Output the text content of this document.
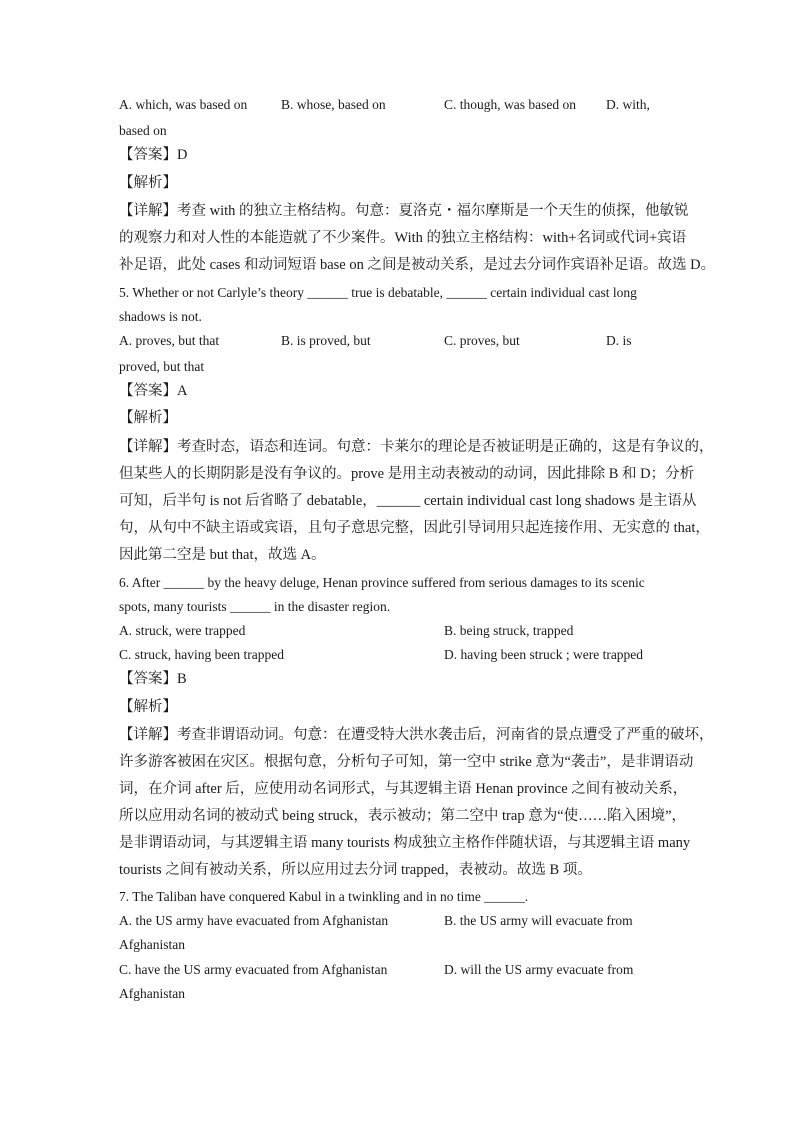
A. which, was based on	B. whose, based on	C. though, was based on D. with,
based on
【答案】D
【解析】
【详解】考查 with 的独立主格结构。句意：夏洛克・福尔摩斯是一个天生的侦探，他敏锐
的观察力和对人性的本能造就了不少案件。With 的独立主格结构：with+名词或代词+宾语
补足语，此处 cases 和动词短语 base on 之间是被动关系，是过去分词作宾语补足语。故选 D。
5. Whether or not Carlyle’s theory ______ true is debatable, ______ certain individual cast long
shadows is not.
A. proves, but that	B. is proved, but	C. proves, but	D. is
proved, but that
【答案】A
【解析】
【详解】考查时态，语态和连词。句意：卡莱尔的理论是否被证明是正确的，这是有争议的，
但某些人的长期阴影是没有争议的。prove 是用主动表被动的动词，因此排除 B 和 D；分析
可知，后半句 is not 后省略了 debatable，______ certain individual cast long shadows 是主语从
句，从句中不缺主语或宾语，且句子意思完整，因此引导词用只起连接作用、无实意的 that，
因此第二空是 but that，故选 A。
6. After ______ by the heavy deluge, Henan province suffered from serious damages to its scenic
spots, many tourists ______ in the disaster region.
A. struck, were trapped	B. being struck, trapped
C. struck, having been trapped	D. having been struck ; were trapped
【答案】B
【解析】
【详解】考查非谓语动词。句意：在遭受特大洪水袭击后，河南省的景点遭受了严重的破坏，
许多游客被困在灾区。根据句意，分析句子可知，第一空中 strike 意为“袭击”，是非谓语动
词，在介词 after 后，应使用动名词形式，与其逻辑主语 Henan province 之间有被动关系，
所以应用动名词的被动式 being struck，表示被动；第二空中 trap 意为“使……陷入困境”，
是非谓语动词，与其逻辑主语 many tourists 构成独立主格作伴随状语，与其逻辑主语 many
tourists 之间有被动关系，所以应用过去分词 trapped，表被动。故选 B 项。
7. The Taliban have conquered Kabul in a twinkling and in no time ______.
A. the US army have evacuated from Afghanistan	B. the US army will evacuate from
Afghanistan
C. have the US army evacuated from Afghanistan	D. will the US army evacuate from
Afghanistan
